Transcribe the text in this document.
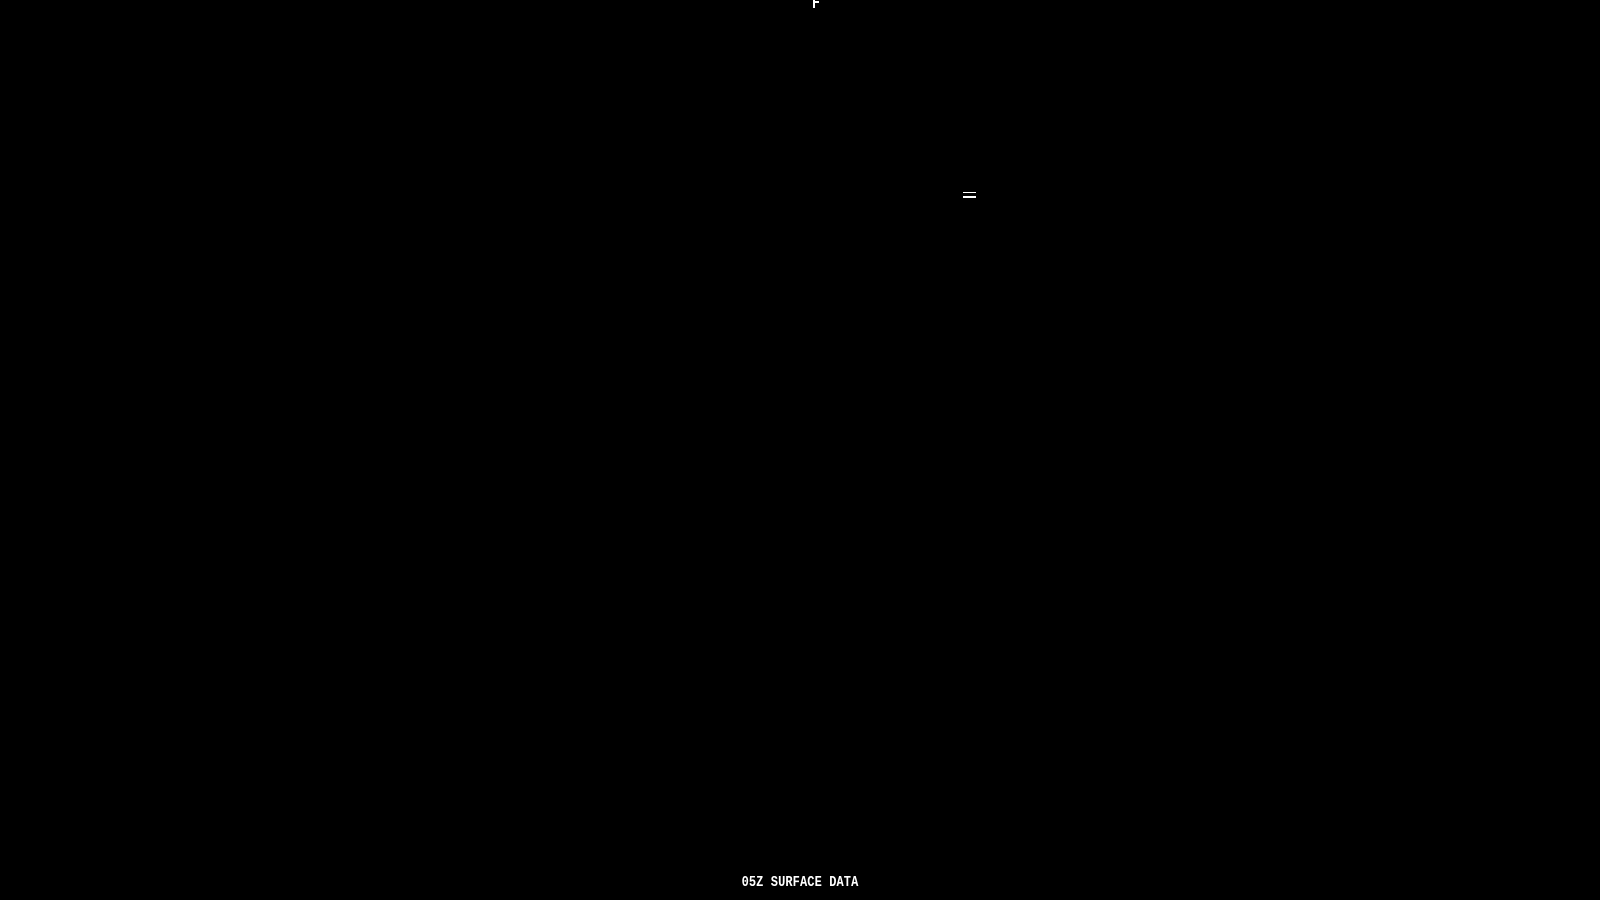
05Z SURFACE DATA
